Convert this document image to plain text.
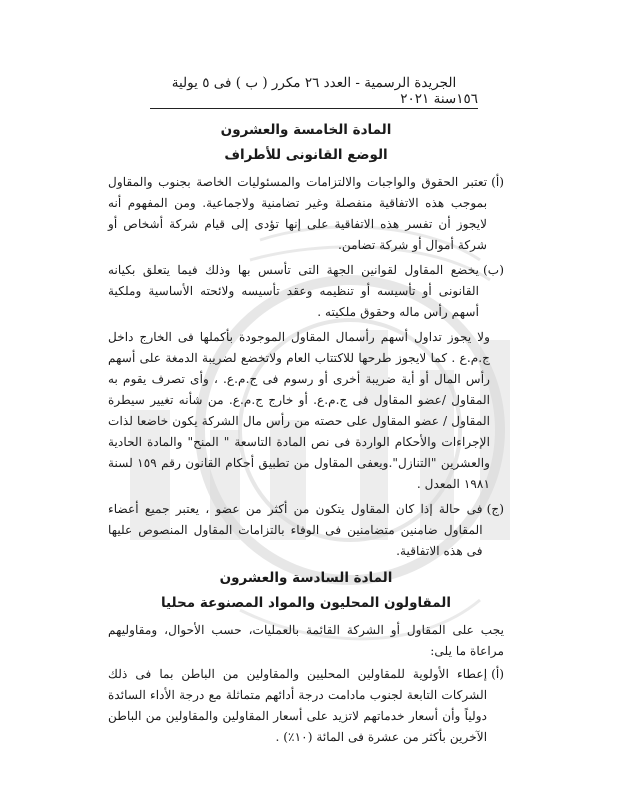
١٥٦
الجريدة الرسمية - العدد ٢٦ مكرر ( ب ) فى ٥ يولية سنة ٢٠٢١
المادة الخامسة والعشرون
الوضع القانونى للأطراف
(أ)
تعتبر الحقوق والواجبات والالتزامات والمسئوليات الخاصة بجنوب والمقاول بموجب هذه الاتفاقية منفصلة وغير تضامنية ولاجماعية. ومن المفهوم أنه لايجوز أن تفسر هذه الاتفاقية على إنها تؤدى إلى قيام شركة أشخاص أو شركة أموال أو شركة تضامن.
(ب)
يخضع المقاول لقوانين الجهة التى تأسس بها وذلك فيما يتعلق بكيانه القانونى أو تأسيسه أو تنظيمه وعقد تأسيسه ولائحته الأساسية وملكية أسهم رأس ماله وحقوق ملكيته .
ولا يجوز تداول أسهم رأسمال المقاول الموجودة بأكملها فى الخارج داخل ج.م.ع . كما لايجوز طرحها للاكتتاب العام ولاتخضع لضريبة الدمغة على أسهم رأس المال أو أية ضريبة أخرى أو رسوم فى ج.م.ع. ، وأى تصرف يقوم به المقاول /عضو المقاول فى ج.م.ع. أو خارج ج.م.ع. من شأنه تغيير سيطرة المقاول / عضو المقاول على حصته من رأس مال الشركة يكون خاضعا لذات الإجراءات والأحكام الواردة فى نص المادة التاسعة " المنح" والمادة الحادية والعشرين "التنازل".ويعفى المقاول من تطبيق أحكام القانون رقم ١٥٩ لسنة ١٩٨١ المعدل .
(ج)
فى حالة إذا كان المقاول يتكون من أكثر من عضو ، يعتبر جميع أعضاء المقاول ضامنين متضامنين فى الوفاء بالتزامات المقاول المنصوص عليها فى هذه الاتفاقية.
المادة السادسة والعشرون
المقاولون المحليون والمواد المصنوعة محليا
يجب على المقاول أو الشركة القائمة بالعمليات، حسب الأحوال، ومقاوليهم مراعاة ما يلى:
(أ)
إعطاء الأولوية للمقاولين المحليين والمقاولين من الباطن بما فى ذلك الشركات التابعة لجنوب مادامت درجة أدائهم متماثلة مع درجة الأداء السائدة دولياً وأن أسعار خدماتهم لاتزيد على أسعار المقاولين والمقاولين من الباطن الآخرين بأكثر من عشرة فى المائة (١٠٪) .
